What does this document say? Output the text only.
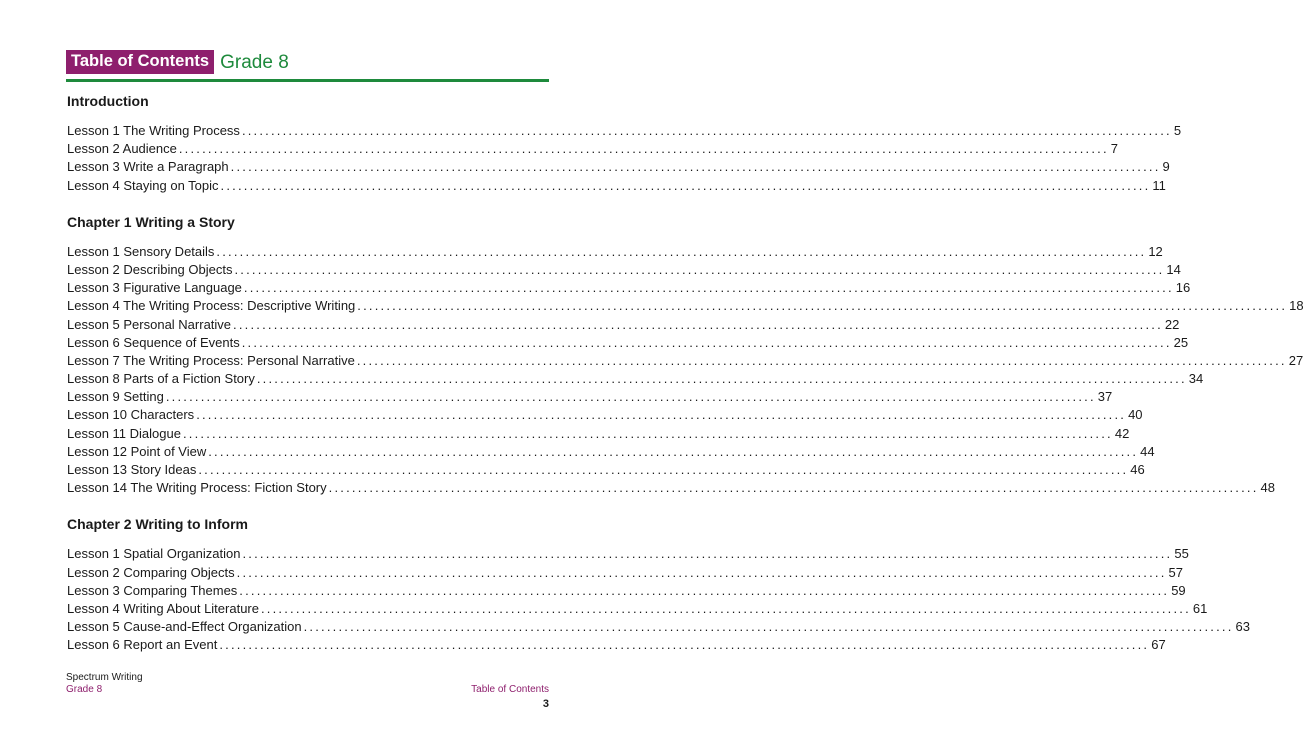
Table of Contents Grade 8
Introduction
Lesson 1 The Writing Process ................................................................................................................................................................ 5
Lesson 2 Audience ................................................................................................................................................................ 7
Lesson 3 Write a Paragraph ................................................................................................................................................................ 9
Lesson 4 Staying on Topic ................................................................................................................................................................ 11
Chapter 1 Writing a Story
Lesson 1 Sensory Details ................................................................................................................................................................ 12
Lesson 2 Describing Objects ................................................................................................................................................................ 14
Lesson 3 Figurative Language ................................................................................................................................................................ 16
Lesson 4 The Writing Process: Descriptive Writing ................................................................................................................................................................ 18
Lesson 5 Personal Narrative ................................................................................................................................................................ 22
Lesson 6 Sequence of Events ................................................................................................................................................................ 25
Lesson 7 The Writing Process: Personal Narrative ................................................................................................................................................................ 27
Lesson 8 Parts of a Fiction Story ................................................................................................................................................................ 34
Lesson 9 Setting ................................................................................................................................................................ 37
Lesson 10 Characters ................................................................................................................................................................ 40
Lesson 11 Dialogue ................................................................................................................................................................ 42
Lesson 12 Point of View ................................................................................................................................................................ 44
Lesson 13 Story Ideas ................................................................................................................................................................ 46
Lesson 14 The Writing Process: Fiction Story ................................................................................................................................................................ 48
Chapter 2 Writing to Inform
Lesson 1 Spatial Organization ................................................................................................................................................................ 55
Lesson 2 Comparing Objects ................................................................................................................................................................ 57
Lesson 3 Comparing Themes ................................................................................................................................................................ 59
Lesson 4 Writing About Literature ................................................................................................................................................................ 61
Lesson 5 Cause-and-Effect Organization ................................................................................................................................................................ 63
Lesson 6 Report an Event ................................................................................................................................................................ 67
Spectrum Writing
Grade 8	Table of Contents
3
